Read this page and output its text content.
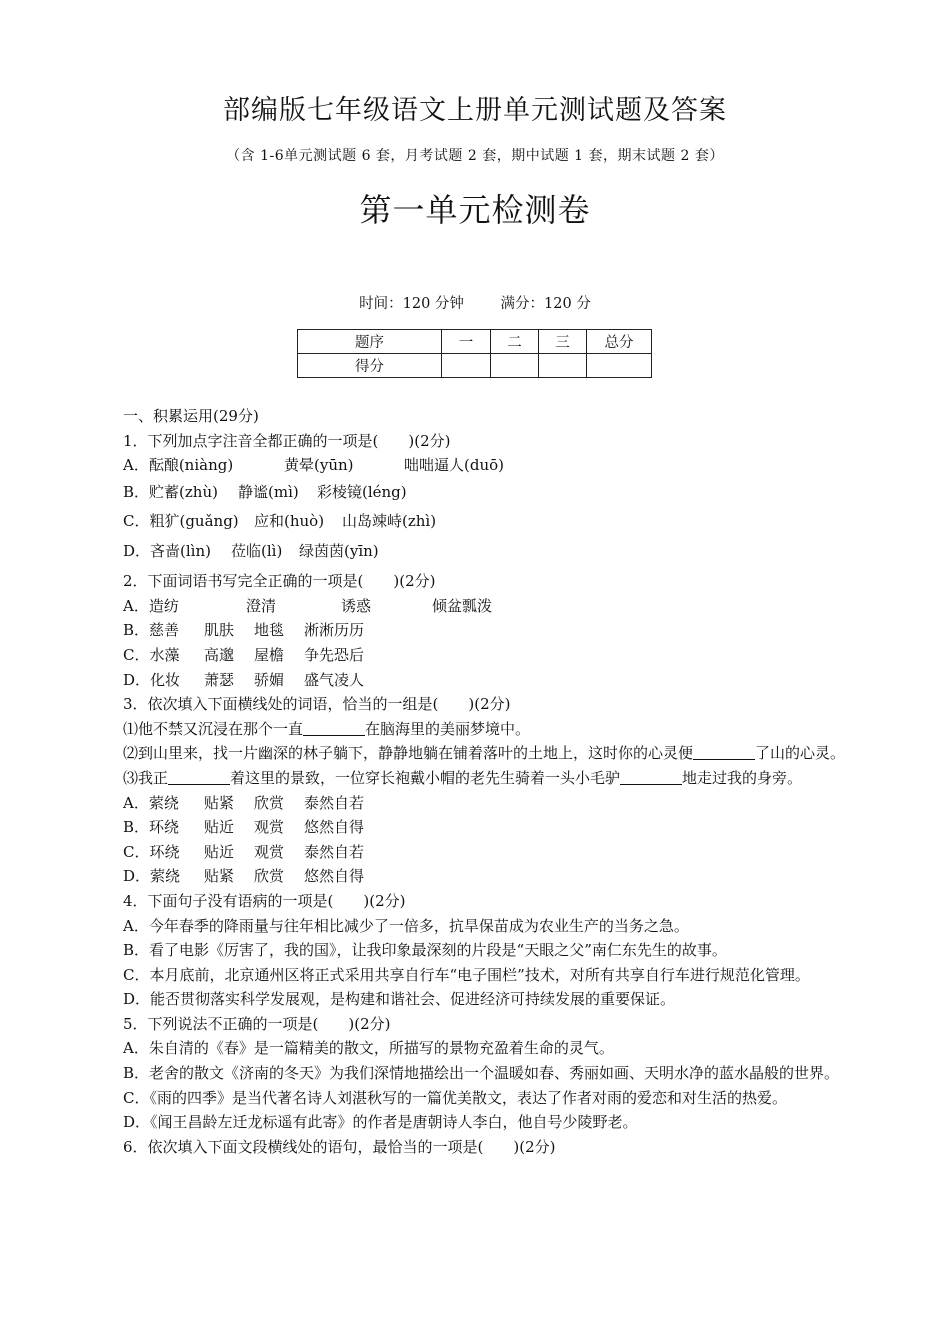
部编版七年级语文上册单元测试题及答案
（含 1-6单元测试题 6 套，月考试题 2 套，期中试题 1 套，期末试题 2 套）
第一单元检测卷
时间：120 分钟	满分：120 分
题序	一	二	三	总分
得分				
一、积累运用(29分)
1．下列加点字注音全都正确的一项是(　　)(2分)
A．酝酿(niàng)	黄晕(yūn)	咄咄逼人(duō)
B．贮蓄(zhù) 静谧(mì) 彩棱镜(léng)
C．粗犷(guǎng) 应和(huò) 山岛竦峙(zhì)
D．吝啬(lìn) 莅临(lì) 绿茵茵(yīn)
2．下面词语书写完全正确的一项是(　　)(2分)
A．造纺	澄清	诱惑	倾盆瓢泼
B．慈善 肌肤 地毯 淅淅历历
C．水藻 高邈 屋檐 争先恐后
D．化妆 萧瑟 骄媚 盛气凌人
3．依次填入下面横线处的词语，恰当的一组是(　　)(2分)
⑴他不禁又沉浸在那个一直	在脑海里的美丽梦境中。
⑵到山里来，找一片幽深的林子躺下，静静地躺在铺着落叶的土地上，这时你的心灵便	了山的心灵。
⑶我正	着这里的景致，一位穿长袍戴小帽的老先生骑着一头小毛驴	地走过我的身旁。
A．萦绕 贴紧 欣赏 泰然自若
B．环绕 贴近 观赏 悠然自得
C．环绕 贴近 观赏 泰然自若
D．萦绕 贴紧 欣赏 悠然自得
4．下面句子没有语病的一项是(　　)(2分)
A．今年春季的降雨量与往年相比减少了一倍多，抗旱保苗成为农业生产的当务之急。
B．看了电影《厉害了，我的国》，让我印象最深刻的片段是“天眼之父”南仁东先生的故事。
C．本月底前，北京通州区将正式采用共享自行车“电子围栏”技术，对所有共享自行车进行规范化管理。
D．能否贯彻落实科学发展观，是构建和谐社会、促进经济可持续发展的重要保证。
5．下列说法不正确的一项是(　　)(2分)
A．朱自清的《春》是一篇精美的散文，所描写的景物充盈着生命的灵气。
B．老舍的散文《济南的冬天》为我们深情地描绘出一个温暖如春、秀丽如画、天明水净的蓝水晶般的世界。
C．《雨的四季》是当代著名诗人刘湛秋写的一篇优美散文，表达了作者对雨的爱恋和对生活的热爱。
D．《闻王昌龄左迁龙标遥有此寄》的作者是唐朝诗人李白，他自号少陵野老。
6．依次填入下面文段横线处的语句，最恰当的一项是(　　)(2分)
